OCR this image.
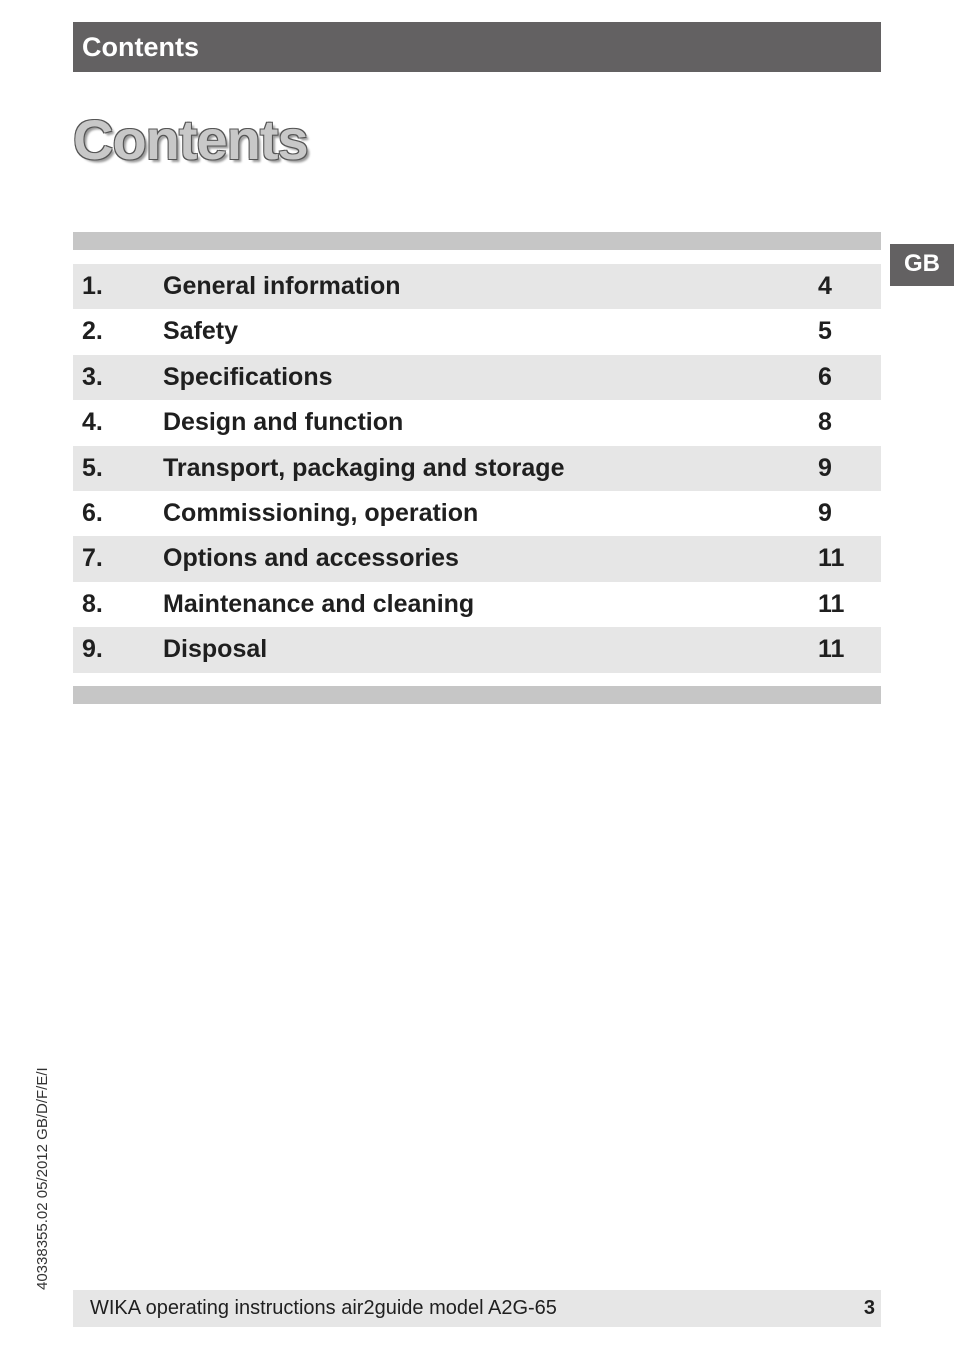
Contents
Contents
GB
1. General information	4
2. Safety	5
3. Specifications	6
4. Design and function	8
5. Transport, packaging and storage	9
6. Commissioning, operation	9
7. Options and accessories	11
8. Maintenance and cleaning	11
9. Disposal	11
40338355.02 05/2012 GB/D/F/E/I
WIKA operating instructions air2guide model A2G-65	3
